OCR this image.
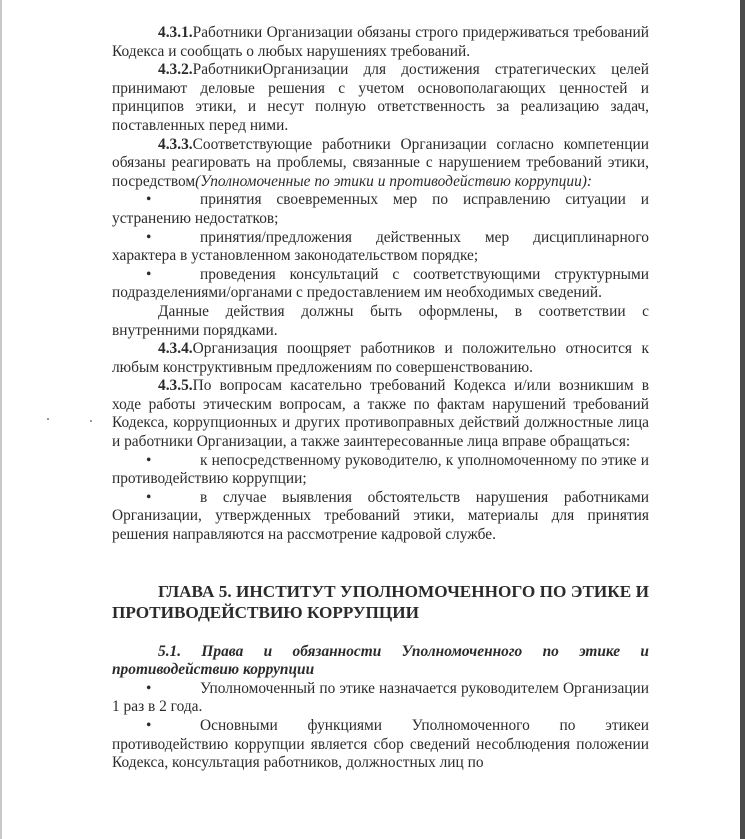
4.3.1.Работники Организации обязаны строго придерживаться требований Кодекса и сообщать о любых нарушениях требований.

4.3.2.РаботникиОрганизации для достижения стратегических целей принимают деловые решения с учетом основополагающих ценностей и принципов этики, и несут полную ответственность за реализацию задач, поставленных перед ними.

4.3.3.Соответствующие работники Организации согласно компетенции обязаны реагировать на проблемы, связанные с нарушением требований этики, посредством(Уполномоченные по этики и противодействию коррупции):

•	принятия своевременных мер по исправлению ситуации и устранению недостатков;

•	принятия/предложения действенных мер дисциплинарного характера в установленном законодательством порядке;

•	проведения консультаций с соответствующими структурными подразделениями/органами с предоставлением им необходимых сведений.

Данные действия должны быть оформлены, в соответствии с внутренними порядками.

4.3.4.Организация поощряет работников и положительно относится к любым конструктивным предложениям по совершенствованию.

4.3.5.По вопросам касательно требований Кодекса и/или возникшим в ходе работы этическим вопросам, а также по фактам нарушений требований Кодекса, коррупционных и других противоправных действий должностные лица и работники Организации, а также заинтересованные лица вправе обращаться:

•	к непосредственному руководителю, к уполномоченному по этике и противодействию коррупции;

•	в случае выявления обстоятельств нарушения работниками Организации, утвержденных требований этики, материалы для принятия решения направляются на рассмотрение кадровой службе.

ГЛАВА 5. ИНСТИТУТ УПОЛНОМОЧЕННОГО ПО ЭТИКЕ И ПРОТИВОДЕЙСТВИЮ КОРРУПЦИИ

5.1. Права и обязанности Уполномоченного по этике и противодействию коррупции

•	Уполномоченный по этике назначается руководителем Организации 1 раз в 2 года.

•	Основными функциями Уполномоченного по этикеи противодействию коррупции является сбор сведений несоблюдения положении Кодекса, консультация работников, должностных лиц по
